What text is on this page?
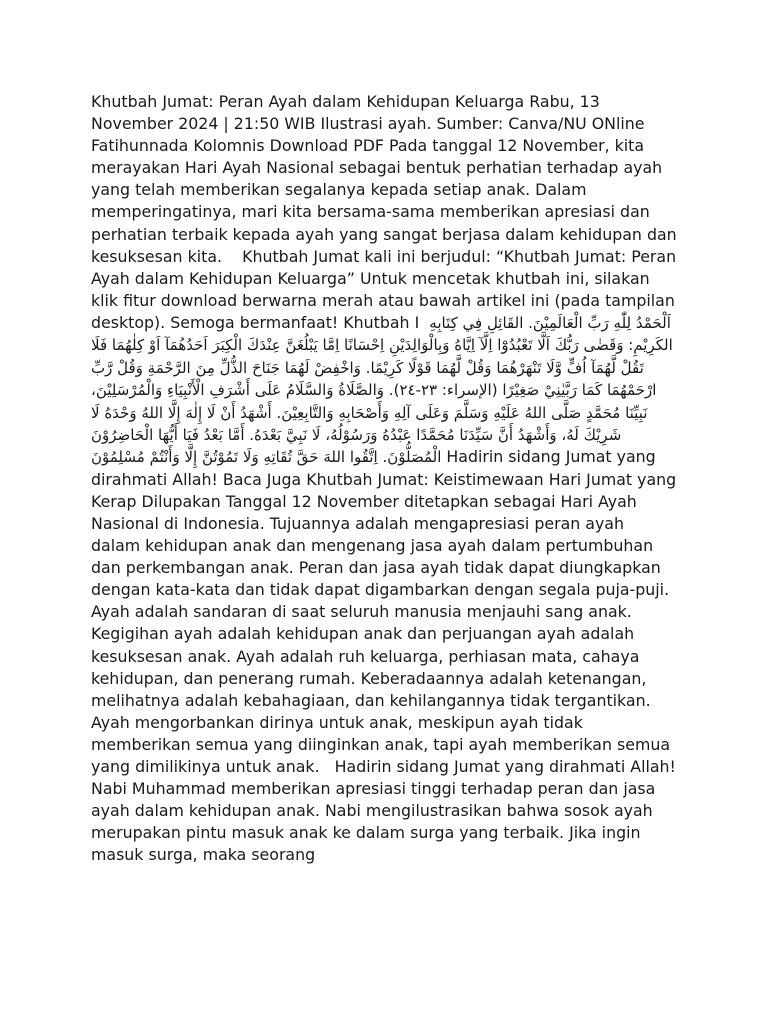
Khutbah Jumat: Peran Ayah dalam Kehidupan Keluarga Rabu, 13 November 2024 | 21:50 WIB Ilustrasi ayah. Sumber: Canva/NU ONline Fatihunnada Kolomnis Download PDF Pada tanggal 12 November, kita merayakan Hari Ayah Nasional sebagai bentuk perhatian terhadap ayah yang telah memberikan segalanya kepada setiap anak. Dalam memperingatinya, mari kita bersama-sama memberikan apresiasi dan perhatian terbaik kepada ayah yang sangat berjasa dalam kehidupan dan kesuksesan kita.    Khutbah Jumat kali ini berjudul: “Khutbah Jumat: Peran Ayah dalam Kehidupan Keluarga” Untuk mencetak khutbah ini, silakan klik fitur download berwarna merah atau bawah artikel ini (pada tampilan desktop). Semoga bermanfaat! Khutbah I  اَلْحَمْدُ لِلّٰهِ رَبِّ الْعَالَمِيْنَ. القَائِلِ فِي كِتَابِهِ الكَرِيْمِ: وَقَضٰى رَبُّكَ اَلَّا تَعْبُدُوْٓا اِلَّآ اِيَّاهُ وَبِالْوَالِدَيْنِ اِحْسَانًا اِمَّا يَبْلُغَنَّ عِنْدَكَ الْكِبَرَ اَحَدُهُمَآ اَوْ كِلٰهُمَا فَلَا تَقُلْ لَّهُمَآ اُفٍّ وَّلَا تَنْهَرْهُمَا وَقُلْ لَّهُمَا قَوْلًا كَرِيْمًا. وَاخْفِضْ لَهُمَا جَنَاحَ الذُّلِّ مِنَ الرَّحْمَةِ وَقُلْ رَّبِّ ارْحَمْهُمَا كَمَا رَبَّيٰنِيْ صَغِيْرًا (الإسراء: ٢٣-٢٤). وَالصَّلَاةُ وَالسَّلَامُ عَلَى أَشْرَفِ الْأَنْبِيَاءِ وَالْمُرْسَلِيْنَ، نَبِيِّنَا مُحَمَّدٍ صَلَّى اللهُ عَلَيْهِ وَسَلَّمَ وَعَلَى آلِهِ وَأَصْحَابِهِ وَالتَّابِعِيْنَ. أَشْهَدُ أَنْ لَا إِلٰهَ إِلَّا اللهُ وَحْدَهُ لَا شَرِيْكَ لَهُ، وَأَشْهَدُ أَنَّ سَيِّدَنَا مُحَمَّدًا عَبْدُهُ وَرَسُوْلُهُ، لَا نَبِيَّ بَعْدَهُ. أَمَّا بَعْدُ فَيَا أَيُّهَا الْحَاضِرُوْنَ الْمُصَلُّوْنَ. اِتَّقُوا اللهَ حَقَّ تُقَاتِهِ وَلَا تَمُوْتُنَّ إِلَّا وَأَنْتُمْ مُسْلِمُوْنَ Hadirin sidang Jumat yang dirahmati Allah! Baca Juga Khutbah Jumat: Keistimewaan Hari Jumat yang Kerap Dilupakan Tanggal 12 November ditetapkan sebagai Hari Ayah Nasional di Indonesia. Tujuannya adalah mengapresiasi peran ayah dalam kehidupan anak dan mengenang jasa ayah dalam pertumbuhan dan perkembangan anak. Peran dan jasa ayah tidak dapat diungkapkan dengan kata-kata dan tidak dapat digambarkan dengan segala puja-puji.    Ayah adalah sandaran di saat seluruh manusia menjauhi sang anak. Kegigihan ayah adalah kehidupan anak dan perjuangan ayah adalah kesuksesan anak. Ayah adalah ruh keluarga, perhiasan mata, cahaya kehidupan, dan penerang rumah. Keberadaannya adalah ketenangan, melihatnya adalah kebahagiaan, dan kehilangannya tidak tergantikan. Ayah mengorbankan dirinya untuk anak, meskipun ayah tidak memberikan semua yang diinginkan anak, tapi ayah memberikan semua yang dimilikinya untuk anak.   Hadirin sidang Jumat yang dirahmati Allah!   Nabi Muhammad memberikan apresiasi tinggi terhadap peran dan jasa ayah dalam kehidupan anak. Nabi mengilustrasikan bahwa sosok ayah merupakan pintu masuk anak ke dalam surga yang terbaik. Jika ingin masuk surga, maka seorang
